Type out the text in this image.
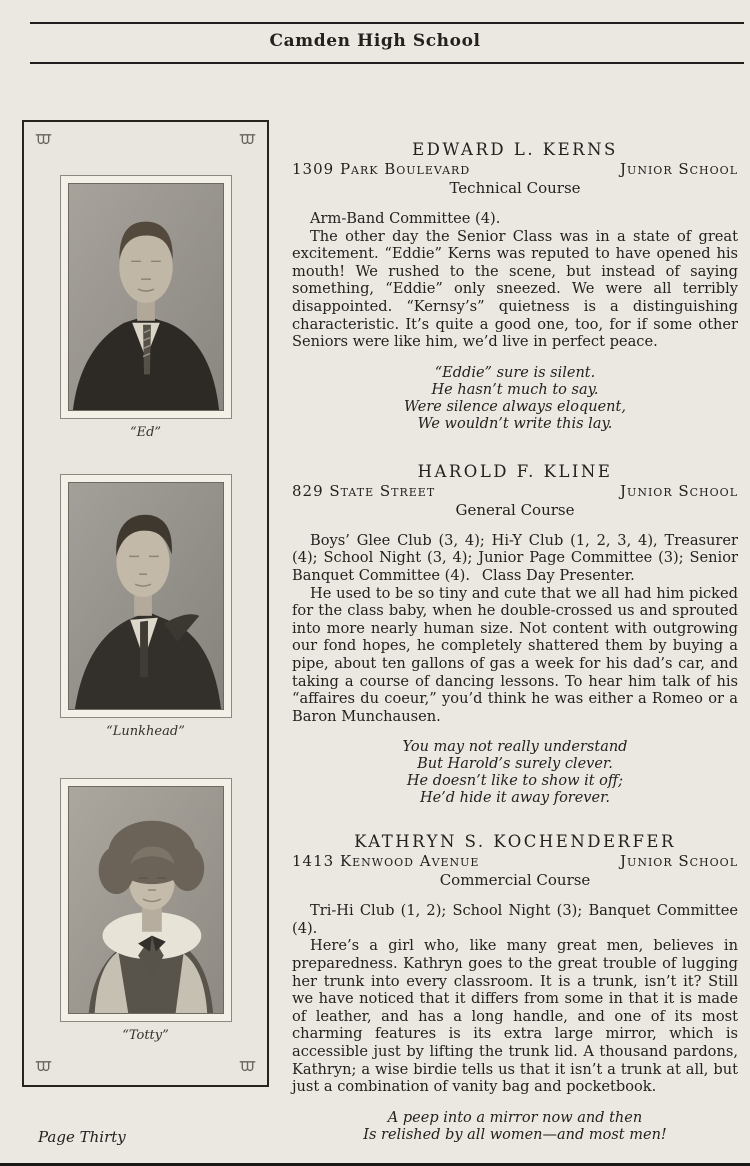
Camden High School
“Ed”
“Lunkhead”
“Totty”
EDWARD L. KERNS
1309 Park Boulevard	Junior School
Technical Course

Arm-Band Committee (4).

The other day the Senior Class was in a state of great excitement. “Eddie” Kerns was reputed to have opened his mouth! We rushed to the scene, but instead of saying something, “Eddie” only sneezed. We were all terribly disappointed. “Kernsy’s” quietness is a distinguishing characteristic. It’s quite a good one, too, for if some other Seniors were like him, we’d live in perfect peace.

“Eddie” sure is silent.
He hasn’t much to say.
Were silence always eloquent,
We wouldn’t write this lay.
HAROLD F. KLINE
829 State Street	Junior School
General Course

Boys’ Glee Club (3, 4); Hi-Y Club (1, 2, 3, 4), Treasurer (4); School Night (3, 4); Junior Page Committee (3); Senior Banquet Committee (4).  Class Day Presenter.

He used to be so tiny and cute that we all had him picked for the class baby, when he double-crossed us and sprouted into more nearly human size. Not content with outgrowing our fond hopes, he completely shattered them by buying a pipe, about ten gallons of gas a week for his dad’s car, and taking a course of dancing lessons. To hear him talk of his “affaires du coeur,” you’d think he was either a Romeo or a Baron Munchausen.

You may not really understand
But Harold’s surely clever.
He doesn’t like to show it off;
He’d hide it away forever.
KATHRYN S. KOCHENDERFER
1413 Kenwood Avenue	Junior School
Commercial Course

Tri-Hi Club (1, 2); School Night (3); Banquet Committee (4).

Here’s a girl who, like many great men, believes in preparedness. Kathryn goes to the great trouble of lugging her trunk into every classroom. It is a trunk, isn’t it? Still we have noticed that it differs from some in that it is made of leather, and has a long handle, and one of its most charming features is its extra large mirror, which is accessible just by lifting the trunk lid. A thousand pardons, Kathryn; a wise birdie tells us that it isn’t a trunk at all, but just a combination of vanity bag and pocketbook.

A peep into a mirror now and then
Is relished by all women—and most men!
Page Thirty
